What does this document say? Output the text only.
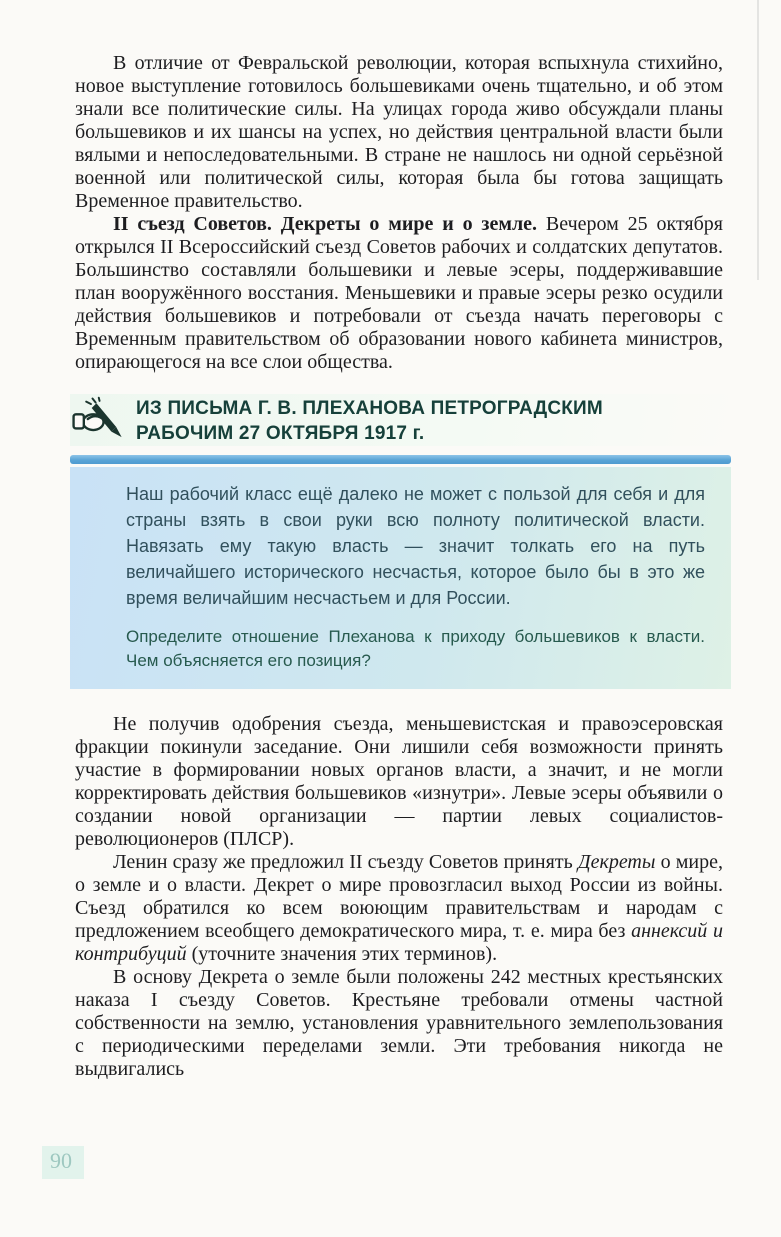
В отличие от Февральской революции, которая вспыхнула стихийно, новое выступление готовилось большевиками очень тщательно, и об этом знали все политические силы. На улицах города живо обсуждали планы большевиков и их шансы на успех, но действия центральной власти были вялыми и непоследовательными. В стране не нашлось ни одной серьёзной военной или политической силы, которая была бы готова защищать Временное правительство.

II съезд Советов. Декреты о мире и о земле. Вечером 25 октября открылся II Всероссийский съезд Советов рабочих и солдатских депутатов. Большинство составляли большевики и левые эсеры, поддерживавшие план вооружённого восстания. Меньшевики и правые эсеры резко осудили действия большевиков и потребовали от съезда начать переговоры с Временным правительством об образовании нового кабинета министров, опирающегося на все слои общества.

ИЗ ПИСЬМА Г. В. ПЛЕХАНОВА ПЕТРОГРАДСКИМ РАБОЧИМ 27 ОКТЯБРЯ 1917 г.

Наш рабочий класс ещё далеко не может с пользой для себя и для страны взять в свои руки всю полноту политической власти. Навязать ему такую власть — значит толкать его на путь величайшего исторического несчастья, которое было бы в это же время величайшим несчастьем и для России.

Определите отношение Плеханова к приходу большевиков к власти. Чем объясняется его позиция?

Не получив одобрения съезда, меньшевистская и правоэсеровская фракции покинули заседание. Они лишили себя возможности принять участие в формировании новых органов власти, а значит, и не могли корректировать действия большевиков «изнутри». Левые эсеры объявили о создании новой организации — партии левых социалистов-революционеров (ПЛСР).

Ленин сразу же предложил II съезду Советов принять Декреты о мире, о земле и о власти. Декрет о мире провозгласил выход России из войны. Съезд обратился ко всем воюющим правительствам и народам с предложением всеобщего демократического мира, т. е. мира без аннексий и контрибуций (уточните значения этих терминов).

В основу Декрета о земле были положены 242 местных крестьянских наказа I съезду Советов. Крестьяне требовали отмены частной собственности на землю, установления уравнительного землепользования с периодическими переделами земли. Эти требования никогда не выдвигались

90
